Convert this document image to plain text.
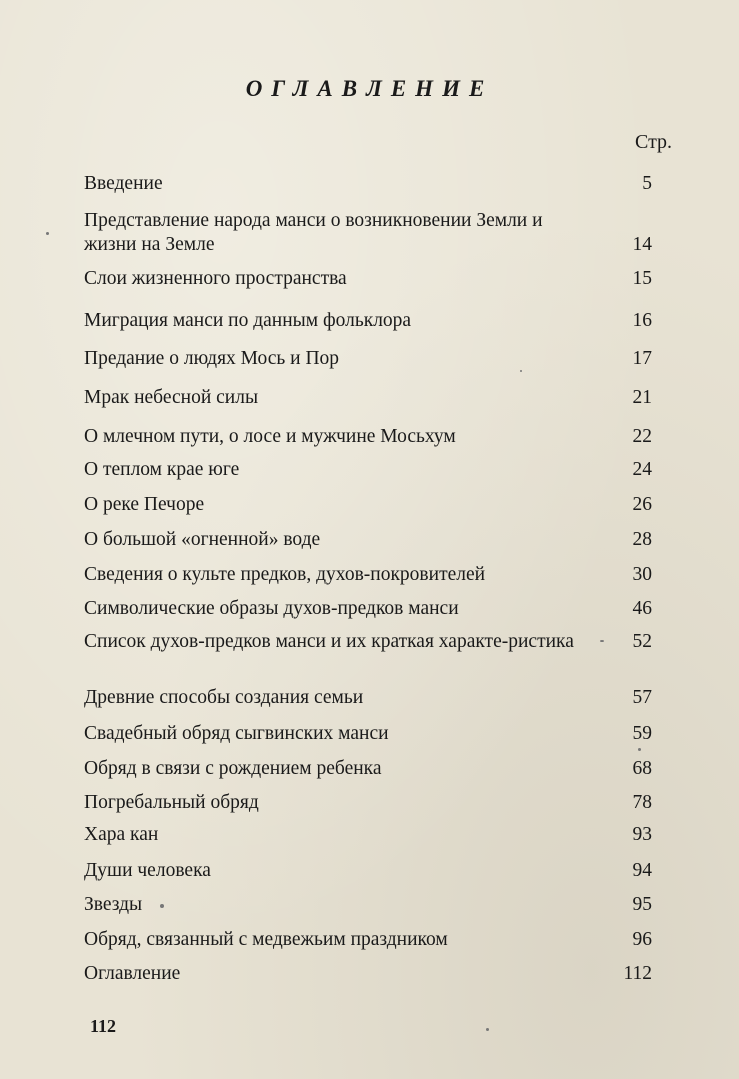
ОГЛАВЛЕНИЕ
Стр.
Введение	5
Представление народа манси о возникновении Земли и жизни на Земле	14
Слои жизненного пространства	15
Миграция манси по данным фольклора	16
Предание о людях Мось и Пор	17
Мрак небесной силы	21
О млечном пути, о лосе и мужчине Мосьхум	22
О теплом крае юге	24
О реке Печоре	26
О большой «огненной» воде	28
Сведения о культе предков, духов-покровителей	30
Символические образы духов-предков манси	46
Список духов-предков манси и их краткая характе-ристика	52
Древние способы создания семьи	57
Свадебный обряд сыгвинских манси	59
Обряд в связи с рождением ребенка	68
Погребальный обряд	78
Хара кан	93
Души человека	94
Звезды	95
Обряд, связанный с медвежьим праздником	96
Оглавление	112
112
